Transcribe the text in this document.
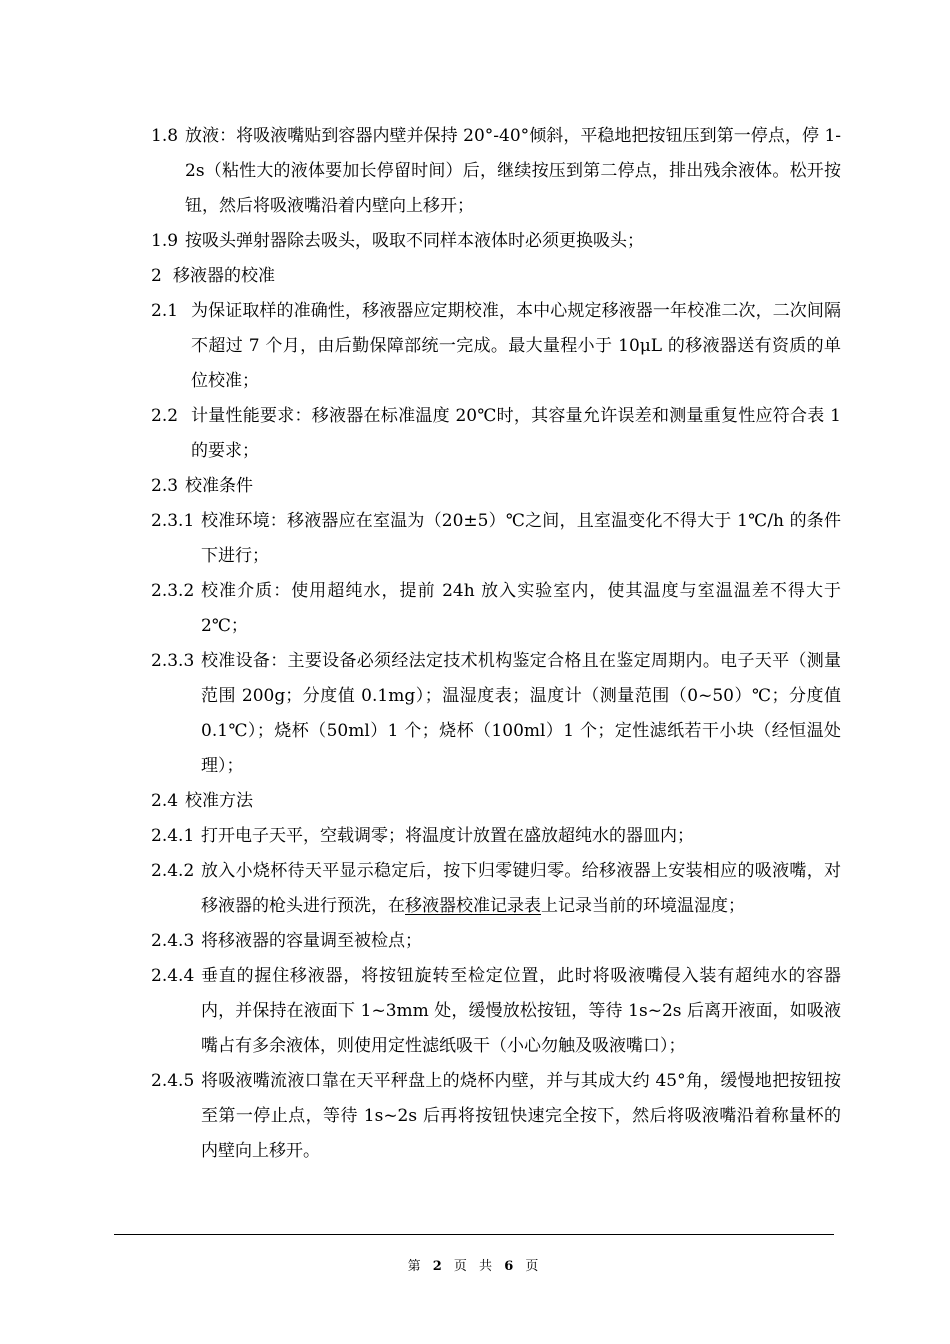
1.8 放液：将吸液嘴贴到容器内壁并保持 20°-40°倾斜，平稳地把按钮压到第一停点，停 1-2s（粘性大的液体要加长停留时间）后，继续按压到第二停点，排出残余液体。松开按钮，然后将吸液嘴沿着内壁向上移开；
1.9 按吸头弹射器除去吸头，吸取不同样本液体时必须更换吸头；
2 移液器的校准
2.1 为保证取样的准确性，移液器应定期校准，本中心规定移液器一年校准二次，二次间隔不超过 7 个月，由后勤保障部统一完成。最大量程小于 10μL 的移液器送有资质的单位校准；
2.2 计量性能要求：移液器在标准温度 20℃时，其容量允许误差和测量重复性应符合表 1 的要求；
2.3 校准条件
2.3.1 校准环境：移液器应在室温为（20±5）℃之间，且室温变化不得大于 1℃/h 的条件下进行；
2.3.2 校准介质：使用超纯水，提前 24h 放入实验室内，使其温度与室温温差不得大于 2℃；
2.3.3 校准设备：主要设备必须经法定技术机构鉴定合格且在鉴定周期内。电子天平（测量范围 200g；分度值 0.1mg）；温湿度表；温度计（测量范围（0~50）℃；分度值 0.1℃）；烧杯（50ml）1 个；烧杯（100ml）1 个；定性滤纸若干小块（经恒温处理）；
2.4 校准方法
2.4.1 打开电子天平，空载调零；将温度计放置在盛放超纯水的器皿内；
2.4.2 放入小烧杯待天平显示稳定后，按下归零键归零。给移液器上安装相应的吸液嘴，对移液器的枪头进行预洗，在移液器校准记录表上记录当前的环境温湿度；
2.4.3 将移液器的容量调至被检点；
2.4.4 垂直的握住移液器，将按钮旋转至检定位置，此时将吸液嘴侵入装有超纯水的容器内，并保持在液面下 1~3mm 处，缓慢放松按钮，等待 1s~2s 后离开液面，如吸液嘴占有多余液体，则使用定性滤纸吸干（小心勿触及吸液嘴口）；
2.4.5 将吸液嘴流液口靠在天平秤盘上的烧杯内壁，并与其成大约 45°角，缓慢地把按钮按至第一停止点，等待 1s~2s 后再将按钮快速完全按下，然后将吸液嘴沿着称量杯的内壁向上移开。
第 2 页 共 6 页
